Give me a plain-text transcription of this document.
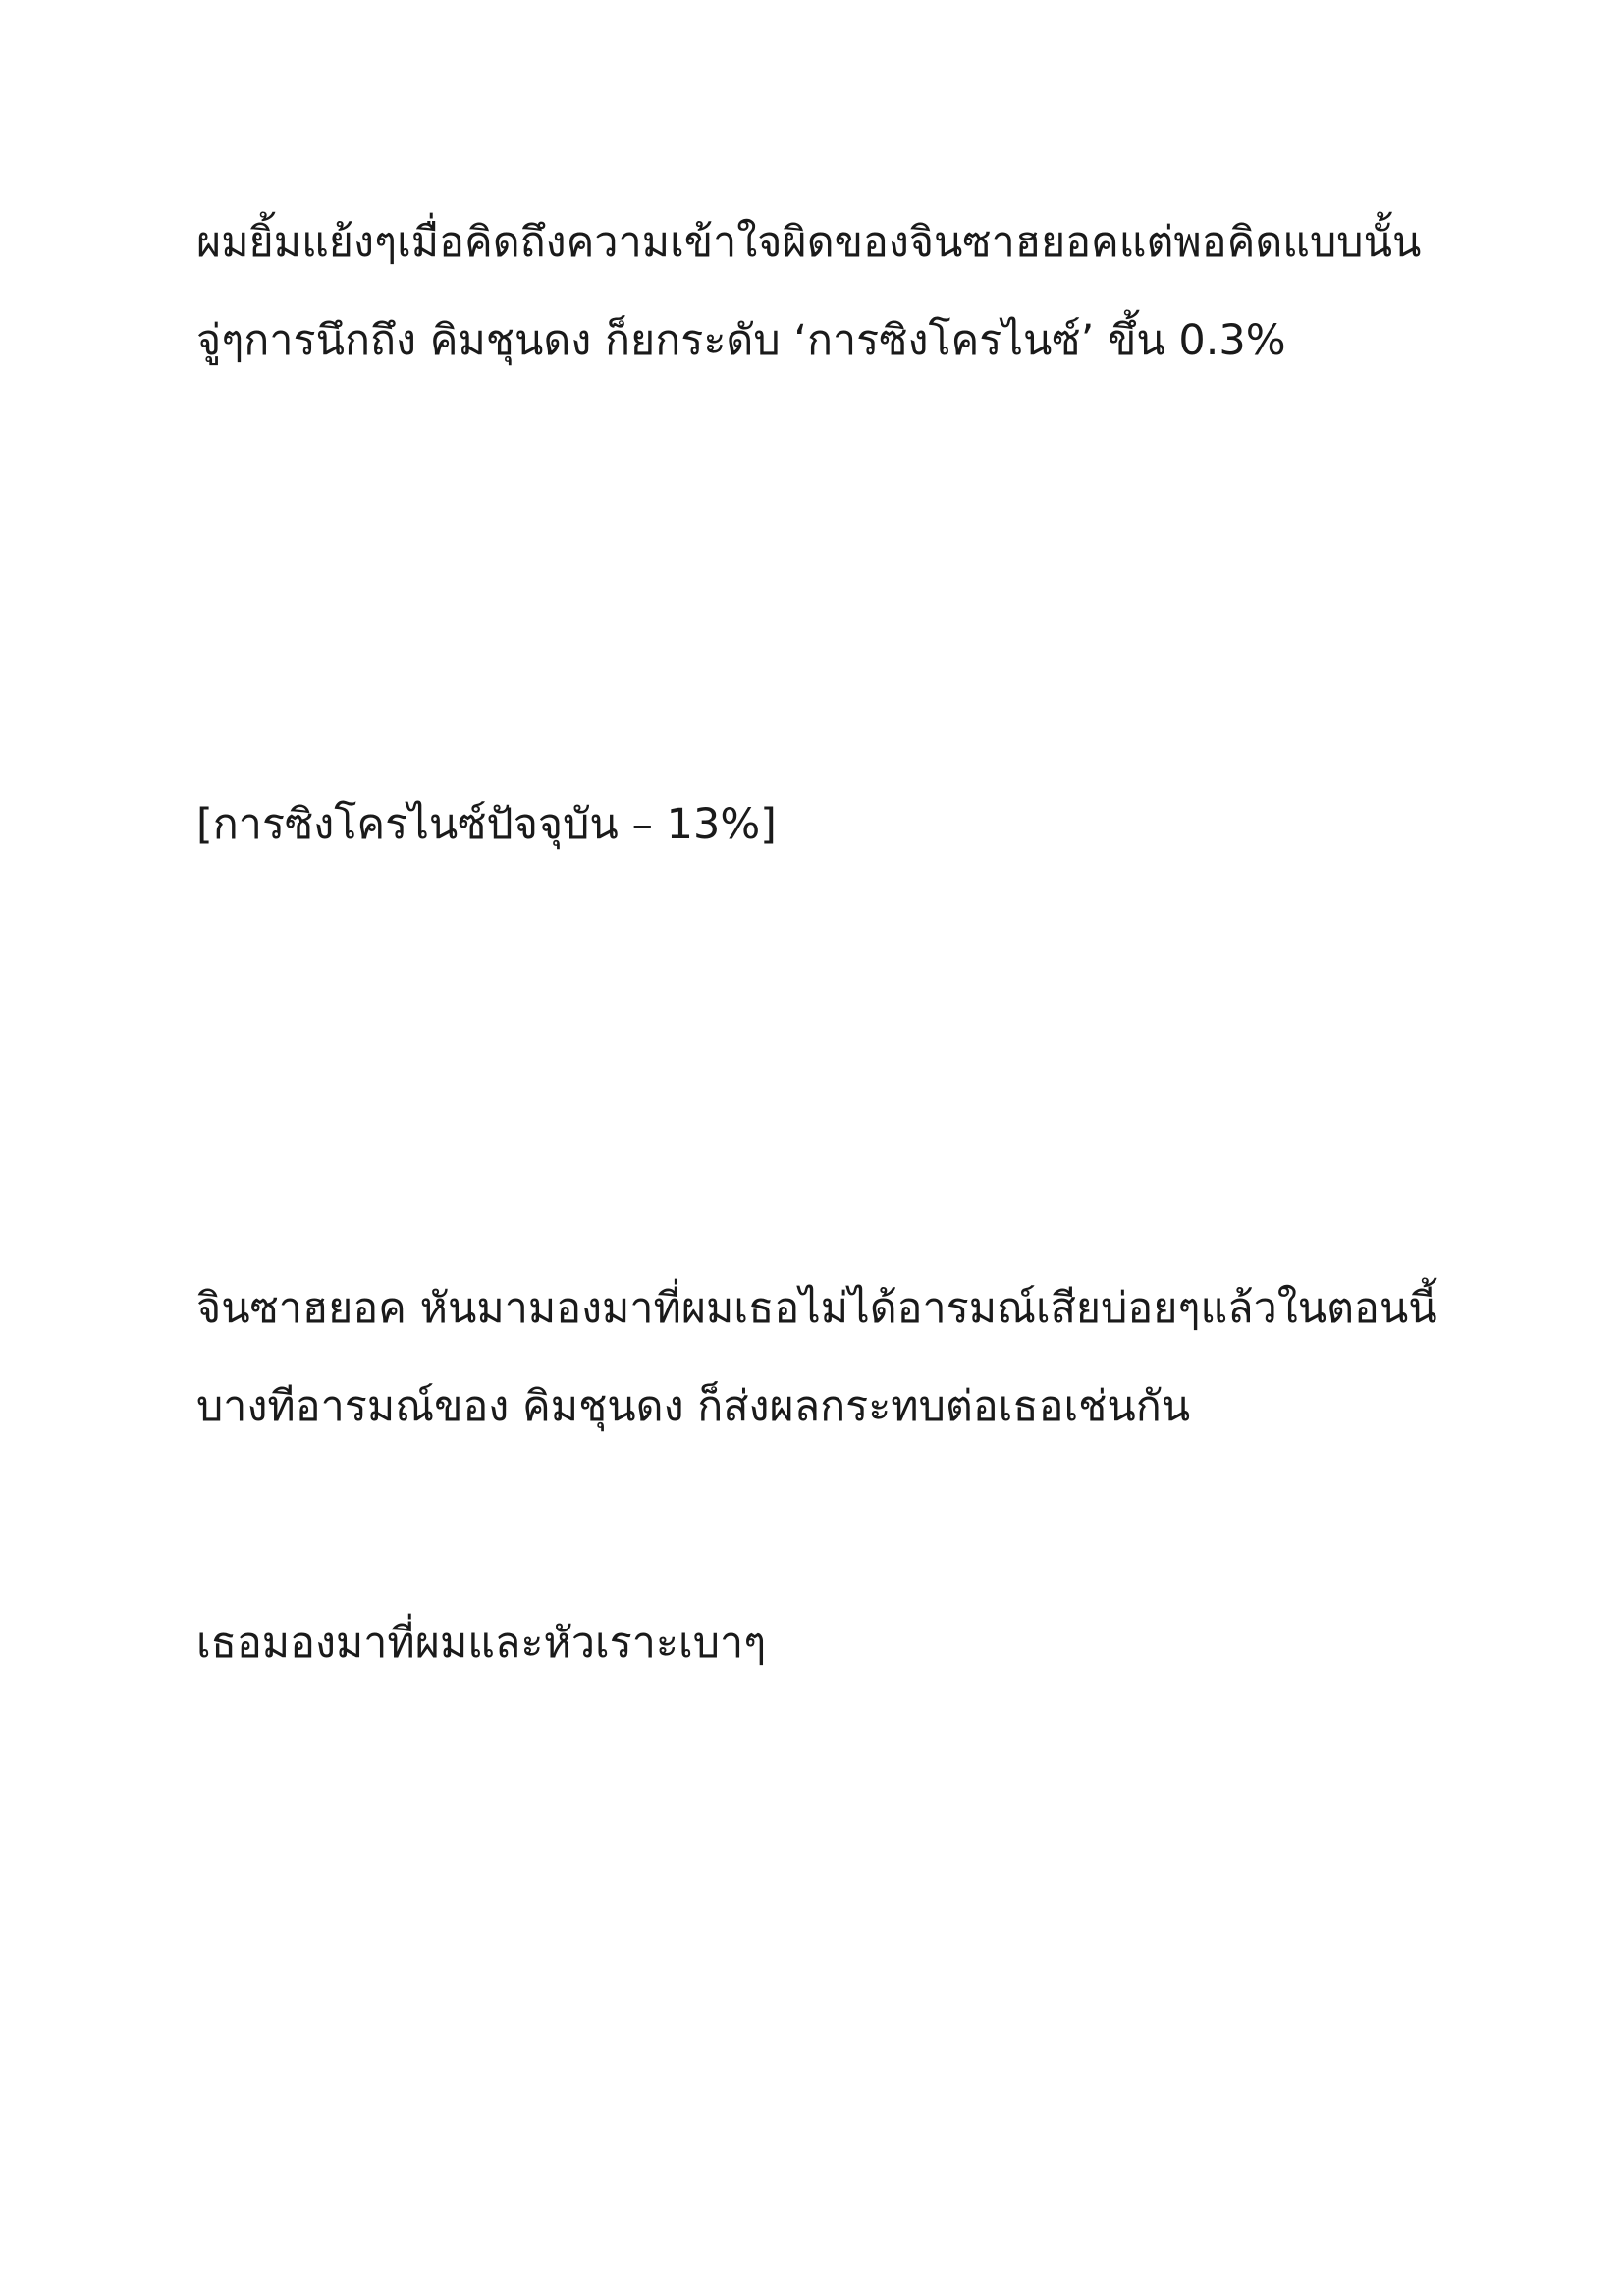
ผมยิ้มแย้งๆเมื่อคิดถึงความเข้าใจผิดของจินซาฮยอคแต่พอคิดแบบนั้น
จู่ๆการนึกถึง คิมชุนดง ก็ยกระดับ ‘การซิงโครไนซ์’ ขึ้น 0.3%

[การซิงโครไนซ์ปัจจุบัน – 13%]

จินซาฮยอค หันมามองมาที่ผมเธอไม่ได้อารมณ์เสียบ่อยๆแล้วในตอนนี้
บางทีอารมณ์ของ คิมชุนดง ก็ส่งผลกระทบต่อเธอเช่นกัน

เธอมองมาที่ผมและหัวเราะเบาๆ
